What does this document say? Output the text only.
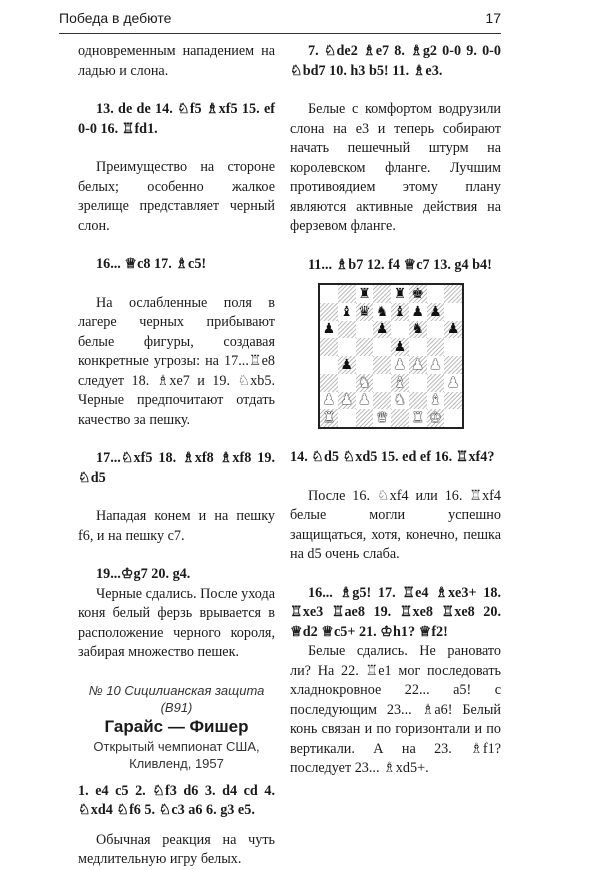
Победа в дебюте	17

одновременным нападением на ладью и слона.

13. de de 14. ♘f5 ♗xf5 15. ef 0-0 16. ♖fd1.

Преимущество на стороне белых; особенно жалкое зрелище представляет черный слон.

16... ♕c8 17. ♗c5!

На ослабленные поля в лагере черных прибывают белые фигуры, создавая конкретные угрозы: на 17...♖e8 следует 18. ♗xe7 и 19. ♘xb5. Черные предпочитают отдать качество за пешку.

17...♘xf5 18. ♗xf8 ♗xf8 19. ♘d5

Нападая конем и на пешку f6, и на пешку c7.

19...♔g7 20. g4.

Черные сдались. После ухода коня белый ферзь врывается в расположение черного короля, забирая множество пешек.

№ 10 Сицилианская защита (B91)
Гарайс — Фишер
Открытый чемпионат США, Кливленд, 1957

1. e4 c5 2. ♘f3 d6 3. d4 cd 4. ♘xd4 ♘f6 5. ♘c3 a6 6. g3 e5.

Обычная реакция на чуть медлительную игру белых.

7. ♘de2 ♗e7 8. ♗g2 0-0 9. 0-0 ♘bd7 10. h3 b5! 11. ♗e3.

Белые с комфортом водрузили слона на e3 и теперь собирают начать пешечный штурм на королевском фланге. Лучшим противоядием этому плану являются активные действия на ферзевом фланге.

11... ♗b7 12. f4 ♕c7 13. g4 b4!

♜ ♜ ♚
♝ ♛ ♞ ♝ ♟ ♟
♟	♟ ♞ ♟
♟
♟	♟ ♟ ♟
♞ ♝	♟
♟ ♟ ♟ ♞ ♝
♜	♛ ♜ ♚

14. ♘d5 ♘xd5 15. ed ef 16. ♖xf4?

После 16. ♘xf4 или 16. ♖xf4 белые могли успешно защищаться, хотя, конечно, пешка на d5 очень слаба.

16... ♗g5! 17. ♖e4 ♗xe3+ 18. ♖xe3 ♖ae8 19. ♖xe8 ♖xe8 20. ♕d2 ♕c5+ 21. ♔h1? ♕f2!

Белые сдались. Не рановато ли? На 22. ♖e1 мог последовать хладнокровное 22... a5! с последующим 23... ♗a6! Белый конь связан и по горизонтали и по вертикали. А на 23. ♗f1? последует 23... ♗xd5+.
